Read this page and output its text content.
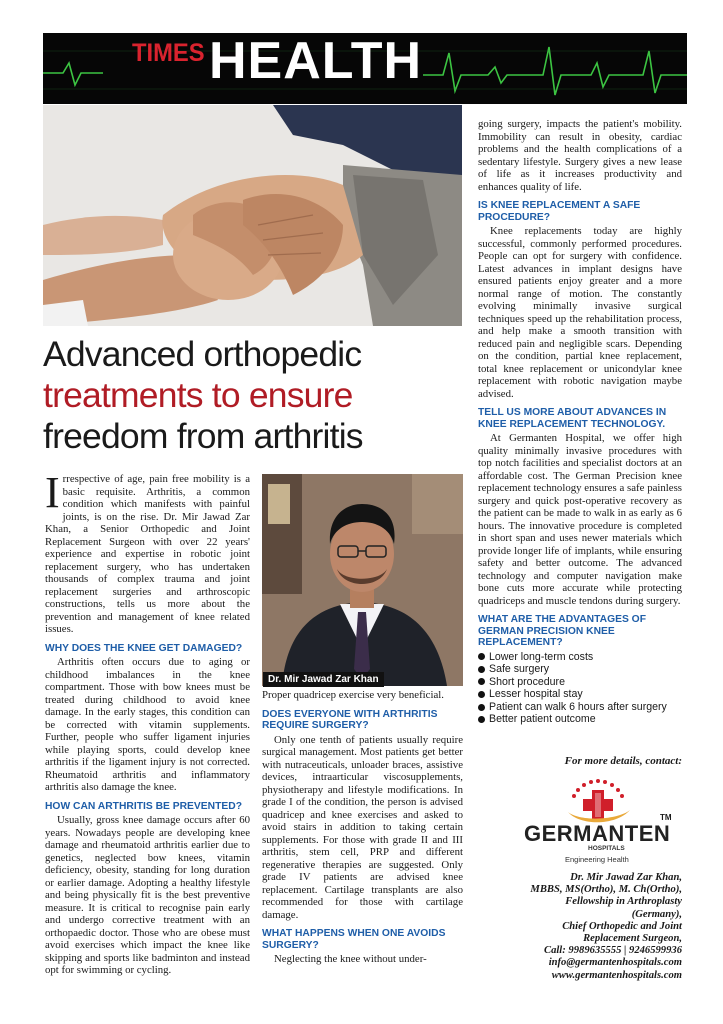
TIMES HEALTH
Advanced orthopedic
treatments to ensure
freedom from arthritis

Irrespective of age, pain free mobility is a basic requisite. Arthritis, a common condition which manifests with painful joints, is on the rise. Dr. Mir Jawad Zar Khan, a Senior Orthopedic and Joint Replacement Surgeon with over 22 years' experience and expertise in robotic joint replacement surgery, who has undertaken thousands of complex trauma and joint replacement surgeries and arthroscopic constructions, tells us more about the prevention and management of knee related issues.

WHY DOES THE KNEE GET DAMAGED?

Arthritis often occurs due to aging or childhood imbalances in the knee compartment. Those with bow knees must be treated during childhood to avoid knee damage. In the early stages, this condition can be corrected with vitamin supplements. Further, people who suffer ligament injuries while playing sports, could develop knee arthritis if the ligament injury is not corrected. Rheumatoid arthritis and inflammatory arthritis also damage the knee.

HOW CAN ARTHRITIS BE PREVENTED?

Usually, gross knee damage occurs after 60 years. Nowadays people are developing knee damage and rheumatoid arthritis earlier due to genetics, neglected bow knees, vitamin deficiency, obesity, standing for long duration or earlier damage. Adopting a healthy lifestyle and being physically fit is the best preventive measure. It is critical to recognise pain early and undergo corrective treatment with an orthopaedic doctor. Those who are obese must avoid exercises which impact the knee like skipping and sports like badminton and instead opt for swimming or cycling.

Dr. Mir Jawad Zar Khan

Proper quadricep exercise very beneficial.

DOES EVERYONE WITH ARTHRITIS REQUIRE SURGERY?

Only one tenth of patients usually require surgical management. Most patients get better with nutraceuticals, unloader braces, assistive devices, intraarticular viscosupplements, physiotherapy and lifestyle modifications. In grade I of the condition, the person is advised quadricep and knee exercises and asked to avoid stairs in addition to taking certain supplements. For those with grade II and III arthritis, stem cell, PRP and different regenerative therapies are suggested. Only grade IV patients are advised knee replacement. Cartilage transplants are also recommended for those with cartilage damage.

WHAT HAPPENS WHEN ONE AVOIDS SURGERY?

Neglecting the knee without under-

going surgery, impacts the patient's mobility. Immobility can result in obesity, cardiac problems and the health complications of a sedentary lifestyle. Surgery gives a new lease of life as it increases productivity and enhances quality of life.

IS KNEE REPLACEMENT A SAFE PROCEDURE?

Knee replacements today are highly successful, commonly performed procedures. People can opt for surgery with confidence. Latest advances in implant designs have ensured patients enjoy greater and a more normal range of motion. The constantly evolving minimally invasive surgical techniques speed up the rehabilitation process, and help make a smooth transition with reduced pain and negligible scars. Depending on the condition, partial knee replacement, total knee replacement or unicondylar knee replacement with robotic navigation maybe advised.

TELL US MORE ABOUT ADVANCES IN KNEE REPLACEMENT TECHNOLOGY.

At Germanten Hospital, we offer high quality minimally invasive procedures with top notch facilities and specialist doctors at an affordable cost. The German Precision knee replacement technology ensures a safe painless surgery and quick post-operative recovery as the patient can be made to walk in as early as 6 hours. The innovative procedure is completed in short span and uses newer materials which provide longer life of implants, while ensuring safety and better outcome. The advanced technology and computer navigation make bone cuts more accurate while protecting quadriceps and muscle tendons during surgery.

WHAT ARE THE ADVANTAGES OF GERMAN PRECISION KNEE REPLACEMENT?
Lower long-term costs
Safe surgery
Short procedure
Lesser hospital stay
Patient can walk 6 hours after surgery
Better patient outcome
For more details, contact:
GERMANTEN
TM
HOSPITALS
Engineering Health
Dr. Mir Jawad Zar Khan,
MBBS, MS(Ortho), M. Ch(Ortho),
Fellowship in Arthroplasty
(Germany),
Chief Orthopedic and Joint
Replacement Surgeon,
Call: 9989635555 | 9246599936
info@germantenhospitals.com
www.germantenhospitals.com
